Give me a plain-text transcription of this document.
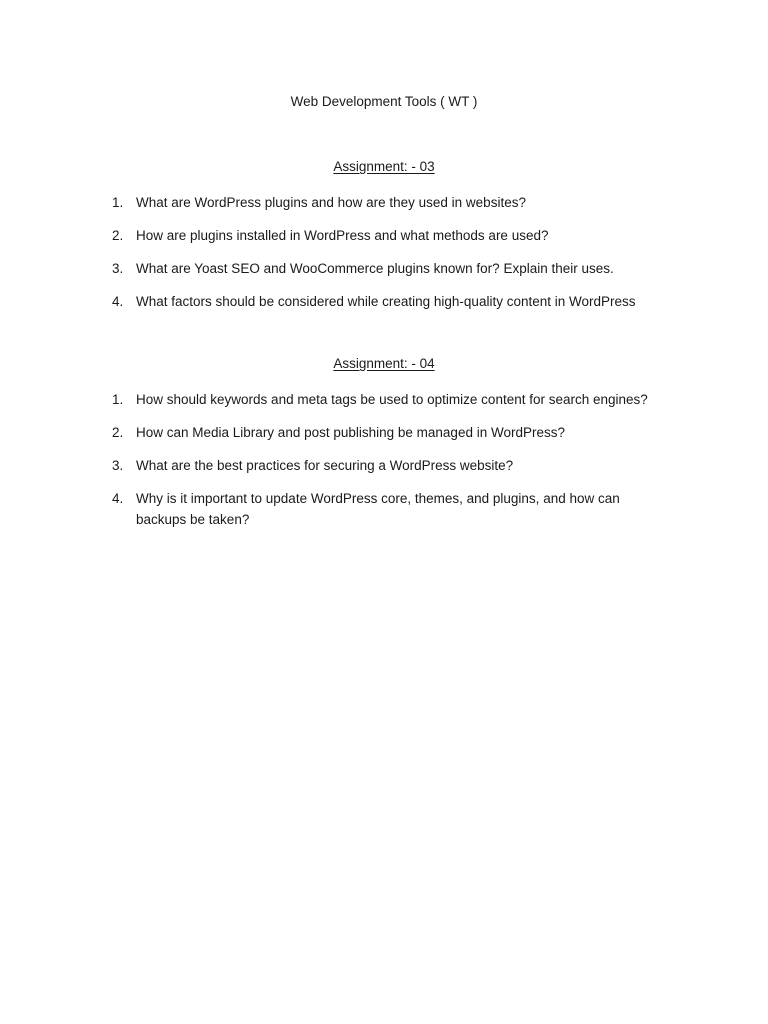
Web Development Tools ( WT )

Assignment: - 03

1. What are WordPress plugins and how are they used in websites?
2. How are plugins installed in WordPress and what methods are used?
3. What are Yoast SEO and WooCommerce plugins known for? Explain their uses.
4. What factors should be considered while creating high-quality content in WordPress

Assignment: - 04

1. How should keywords and meta tags be used to optimize content for search engines?
2. How can Media Library and post publishing be managed in WordPress?
3. What are the best practices for securing a WordPress website?
4. Why is it important to update WordPress core, themes, and plugins, and how can backups be taken?
